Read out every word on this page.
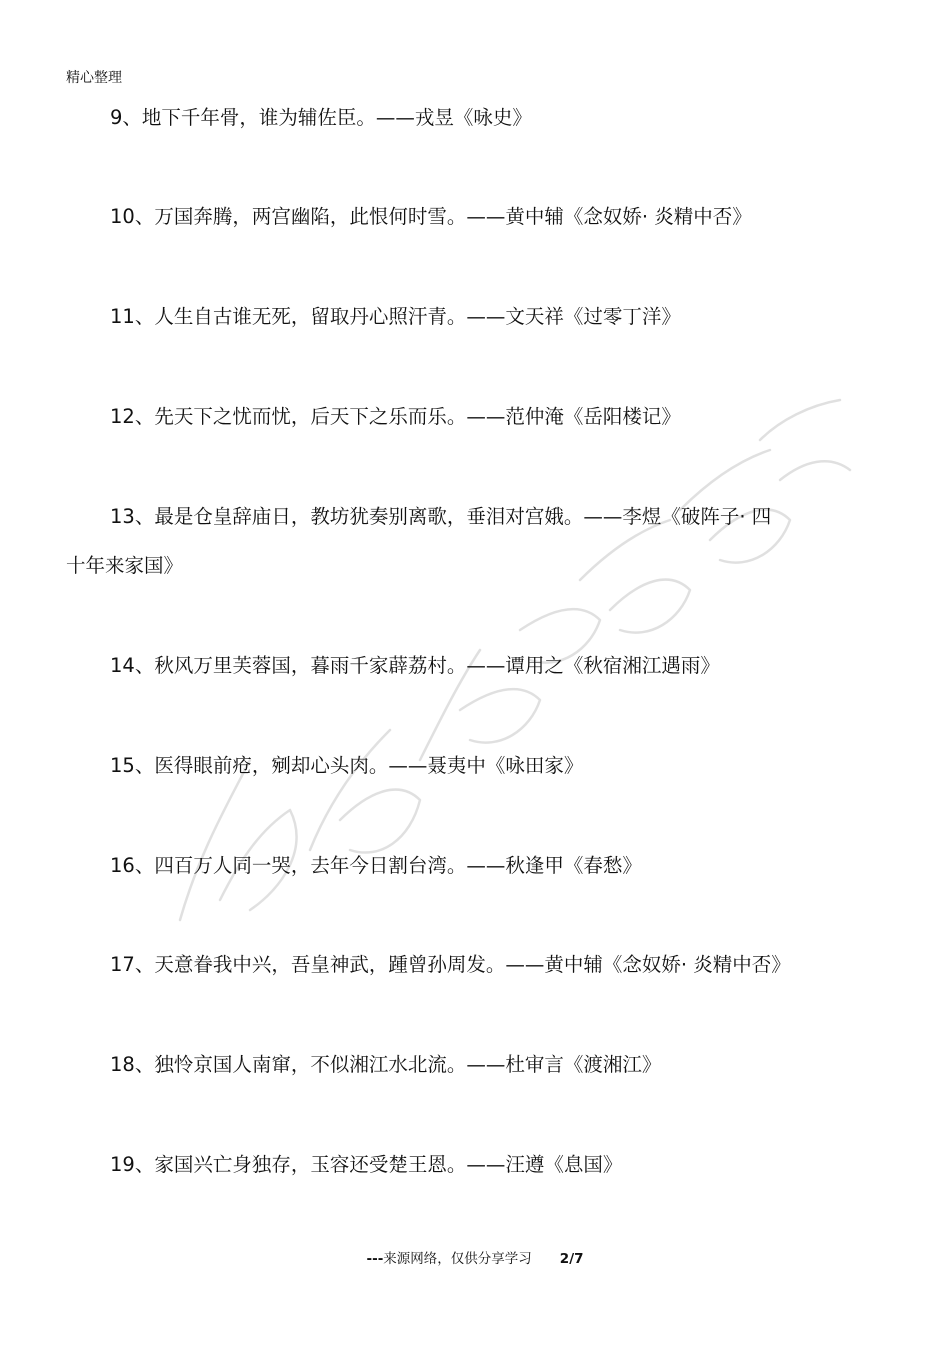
精心整理
9、地下千年骨，谁为辅佐臣。——戎昱《咏史》
10、万国奔腾，两宫幽陷，此恨何时雪。——黄中辅《念奴娇· 炎精中否》
11、人生自古谁无死，留取丹心照汗青。——文天祥《过零丁洋》
12、先天下之忧而忧，后天下之乐而乐。——范仲淹《岳阳楼记》
13、最是仓皇辞庙日，教坊犹奏别离歌，垂泪对宫娥。——李煜《破阵子· 四
十年来家国》
14、秋风万里芙蓉国，暮雨千家薜荔村。——谭用之《秋宿湘江遇雨》
15、医得眼前疮，剜却心头肉。——聂夷中《咏田家》
16、四百万人同一哭，去年今日割台湾。——秋逢甲《春愁》
17、天意眷我中兴，吾皇神武，踵曾孙周发。——黄中辅《念奴娇· 炎精中否》
18、独怜京国人南窜，不似湘江水北流。——杜审言《渡湘江》
19、家国兴亡身独存，玉容还受楚王恩。——汪遵《息国》
---来源网络，仅供分享学习 2/7
